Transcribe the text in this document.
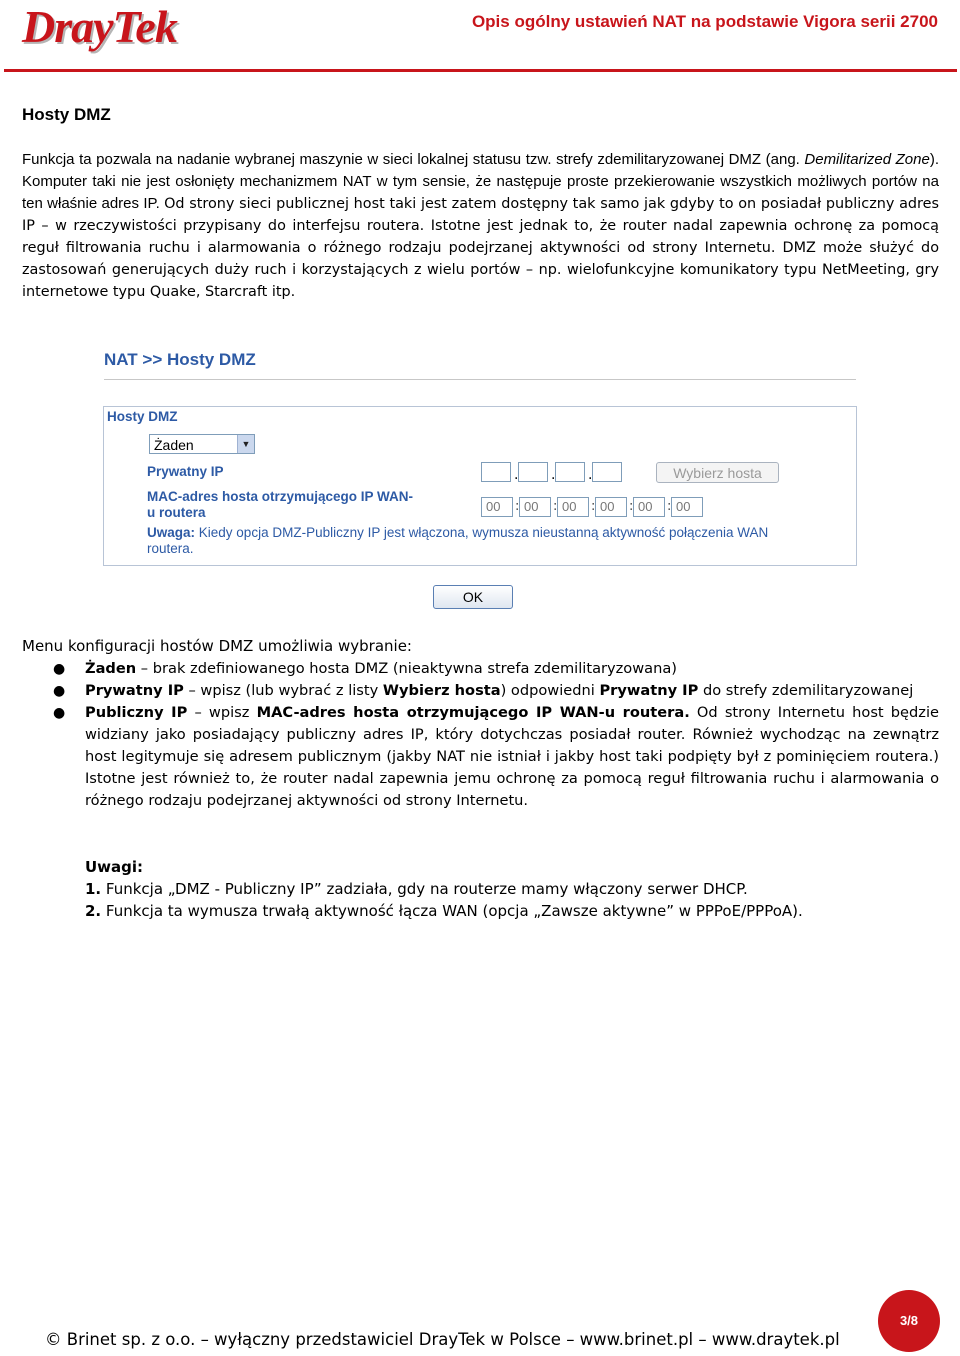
DrayTek	Opis ogólny ustawień NAT na podstawie Vigora serii 2700
Hosty DMZ
Funkcja ta pozwala na nadanie wybranej maszynie w sieci lokalnej statusu tzw. strefy zdemilitaryzowanej DMZ (ang. Demilitarized Zone). Komputer taki nie jest osłonięty mechanizmem NAT w tym sensie, że następuje proste przekierowanie wszystkich możliwych portów na ten właśnie adres IP. Od strony sieci publicznej host taki jest zatem dostępny tak samo jak gdyby to on posiadał publiczny adres IP – w rzeczywistości przypisany do interfejsu routera. Istotne jest jednak to, że router nadal zapewnia ochronę za pomocą reguł filtrowania ruchu i alarmowania o różnego rodzaju podejrzanej aktywności od strony Internetu. DMZ może służyć do zastosowań generujących duży ruch i korzystających z wielu portów – np. wielofunkcyjne komunikatory typu NetMeeting, gry internetowe typu Quake, Starcraft itp.
NAT >> Hosty DMZ
Hosty DMZ
Żaden	▼
Prywatny IP	. . .	Wybierz hosta
MAC-adres hosta otrzymującego IP WAN-
u routera	00	: 00	: 00	: 00	: 00	: 00
Uwaga: Kiedy opcja DMZ-Publiczny IP jest włączona, wymusza nieustanną aktywność połączenia WAN routera.
OK
Menu konfiguracji hostów DMZ umożliwia wybranie:
● Żaden – brak zdefiniowanego hosta DMZ (nieaktywna strefa zdemilitaryzowana)
● Prywatny IP – wpisz (lub wybrać z listy Wybierz hosta) odpowiedni Prywatny IP do strefy zdemilitaryzowanej
● Publiczny IP – wpisz MAC-adres hosta otrzymującego IP WAN-u routera. Od strony Internetu host będzie widziany jako posiadający publiczny adres IP, który dotychczas posiadał router. Również wychodząc na zewnątrz host legitymuje się adresem publicznym (jakby NAT nie istniał i jakby host taki podpięty był z pominięciem routera.) Istotne jest również to, że router nadal zapewnia jemu ochronę za pomocą reguł filtrowania ruchu i alarmowania o różnego rodzaju podejrzanej aktywności od strony Internetu.
Uwagi:
1. Funkcja „DMZ - Publiczny IP” zadziała, gdy na routerze mamy włączony serwer DHCP.
2. Funkcja ta wymusza trwałą aktywność łącza WAN (opcja „Zawsze aktywne” w PPPoE/PPPoA).
© Brinet sp. z o.o. – wyłączny przedstawiciel DrayTek w Polsce – www.brinet.pl – www.draytek.pl
3/8
